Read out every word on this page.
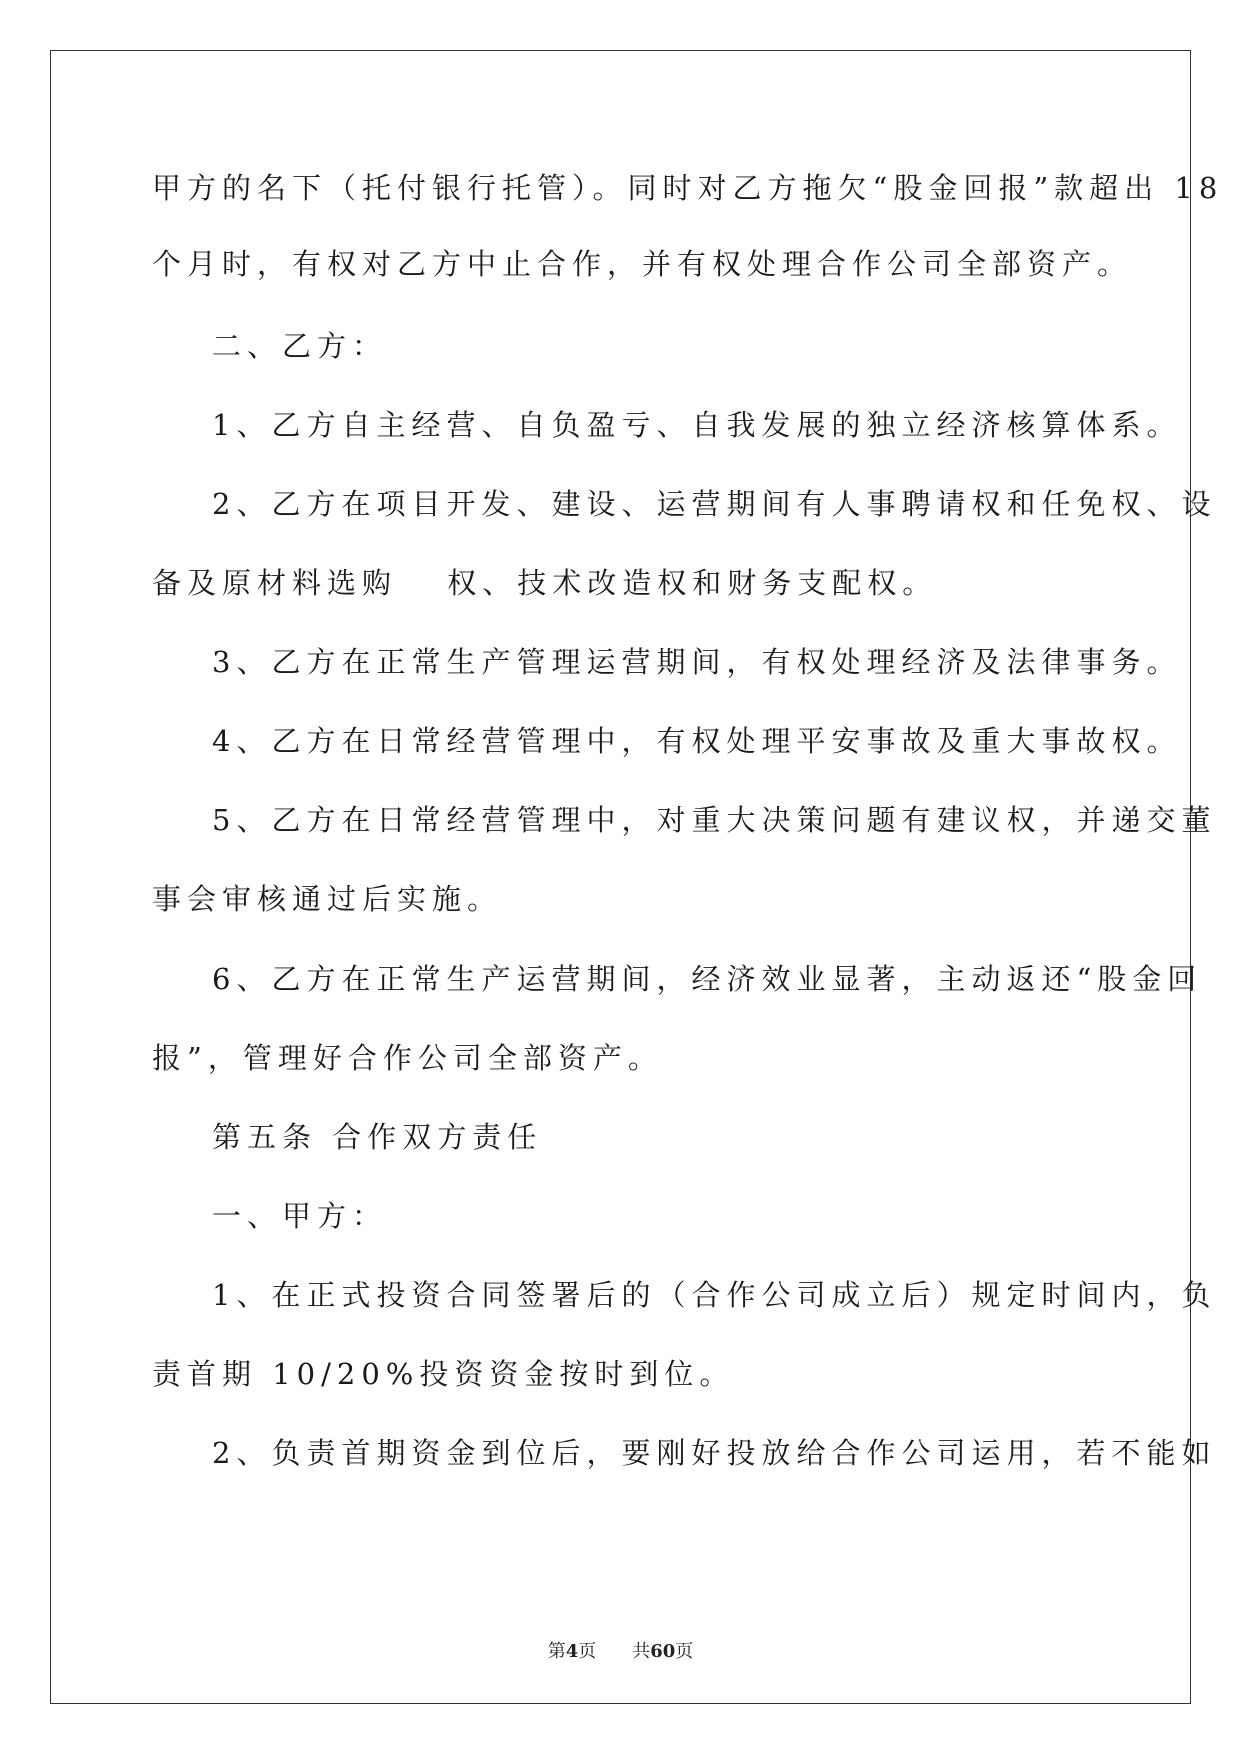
甲方的名下（托付银行托管）。同时对乙方拖欠“股金回报”款超出 18
个月时，有权对乙方中止合作，并有权处理合作公司全部资产。
二、乙方：
1、乙方自主经营、自负盈亏、自我发展的独立经济核算体系。
2、乙方在项目开发、建设、运营期间有人事聘请权和任免权、设
备及原材料选购　 权、技术改造权和财务支配权。
3、乙方在正常生产管理运营期间，有权处理经济及法律事务。
4、乙方在日常经营管理中，有权处理平安事故及重大事故权。
5、乙方在日常经营管理中，对重大决策问题有建议权，并递交董
事会审核通过后实施。
6、乙方在正常生产运营期间，经济效业显著，主动返还“股金回
报”，管理好合作公司全部资产。
第五条 合作双方责任
一、甲方：
1、在正式投资合同签署后的（合作公司成立后）规定时间内，负
责首期 10/20%投资资金按时到位。
2、负责首期资金到位后，要刚好投放给合作公司运用，若不能如
第4页 共60页
